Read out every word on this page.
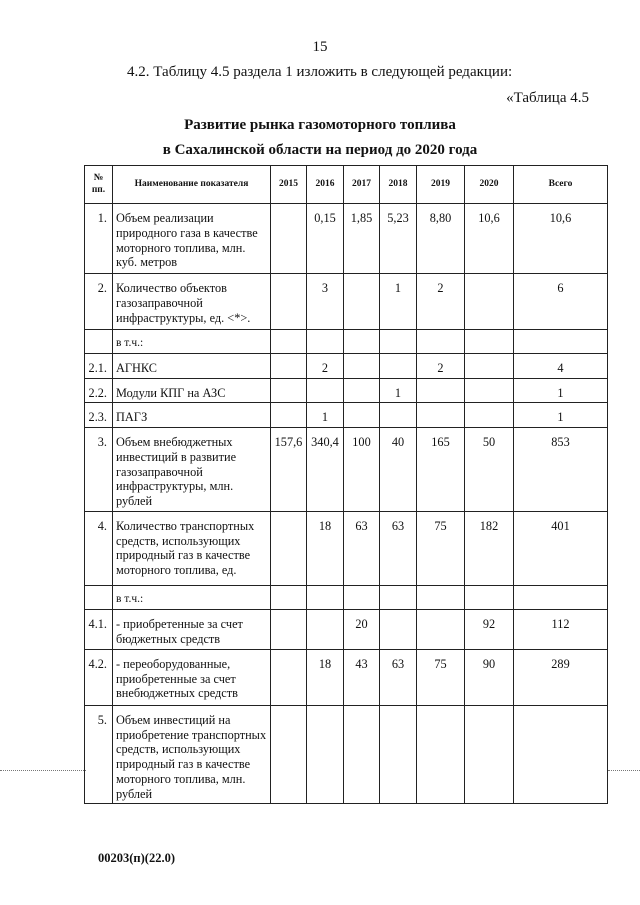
15
4.2. Таблицу 4.5 раздела 1 изложить в следующей редакции:
«Таблица 4.5
Развитие рынка газомоторного топлива
в Сахалинской области на период до 2020 года
№ пп.	Наименование показателя	2015	2016	2017	2018	2019	2020	Всего
1.	Объем реализации природного газа в качестве моторного топлива, млн. куб. метров		0,15	1,85	5,23	8,80	10,6	10,6
2.	Количество объектов газозаправочной инфраструктуры, ед. <*>.		3		1	2		6
	в т.ч.:							
2.1.	АГНКС		2			2		4
2.2.	Модули КПГ на АЗС				1			1
2.3.	ПАГЗ		1					1
3.	Объем внебюджетных инвестиций в развитие газозаправочной инфраструктуры, млн. рублей	157,6	340,4	100	40	165	50	853
4.	Количество транспортных средств, использующих природный газ в качестве моторного топлива, ед.		18	63	63	75	182	401
	в т.ч.:							
4.1.	- приобретенные за счет бюджетных средств			20			92	112
4.2.	- переоборудованные, приобретенные за счет внебюджетных средств		18	43	63	75	90	289
5.	Объем инвестиций на приобретение транспортных средств, использующих природный газ в качестве моторного топлива, млн. рублей							
00203(п)(22.0)
